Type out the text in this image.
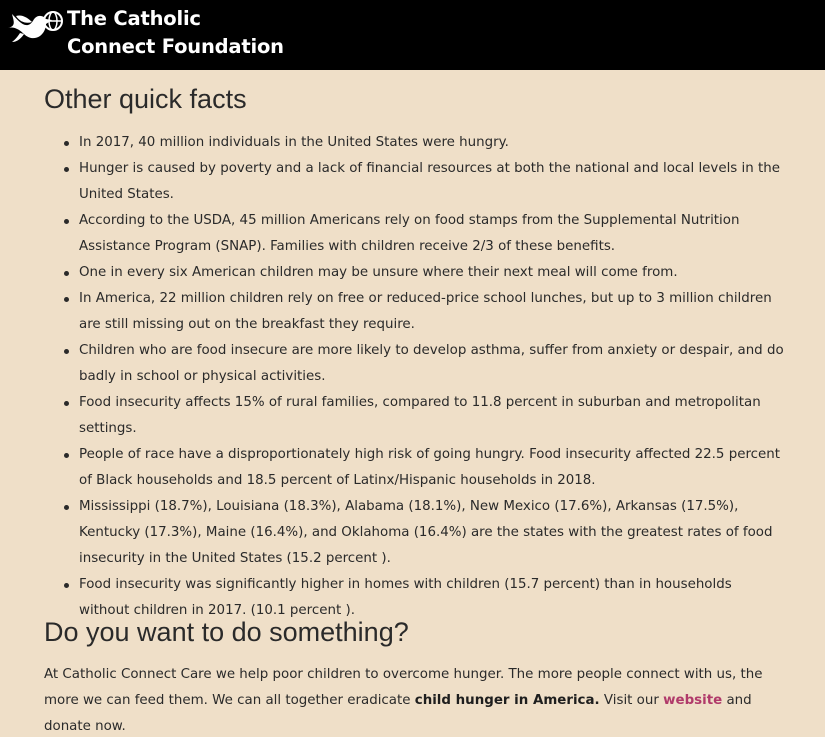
The Catholic
Connect Foundation
Other quick facts
In 2017, 40 million individuals in the United States were hungry.
Hunger is caused by poverty and a lack of financial resources at both the national and local levels in the United States.
According to the USDA, 45 million Americans rely on food stamps from the Supplemental Nutrition Assistance Program (SNAP). Families with children receive 2/3 of these benefits.
One in every six American children may be unsure where their next meal will come from.
In America, 22 million children rely on free or reduced-price school lunches, but up to 3 million children are still missing out on the breakfast they require.
Children who are food insecure are more likely to develop asthma, suffer from anxiety or despair, and do badly in school or physical activities.
Food insecurity affects 15% of rural families, compared to 11.8 percent in suburban and metropolitan settings.
People of race have a disproportionately high risk of going hungry. Food insecurity affected 22.5 percent of Black households and 18.5 percent of Latinx/Hispanic households in 2018.
Mississippi (18.7%), Louisiana (18.3%), Alabama (18.1%), New Mexico (17.6%), Arkansas (17.5%), Kentucky (17.3%), Maine (16.4%), and Oklahoma (16.4%) are the states with the greatest rates of food insecurity in the United States (15.2 percent ).
Food insecurity was significantly higher in homes with children (15.7 percent) than in households without children in 2017. (10.1 percent ).
Do you want to do something?

At Catholic Connect Care we help poor children to overcome hunger. The more people connect with us, the more we can feed them. We can all together eradicate child hunger in America. Visit our website and donate now.
